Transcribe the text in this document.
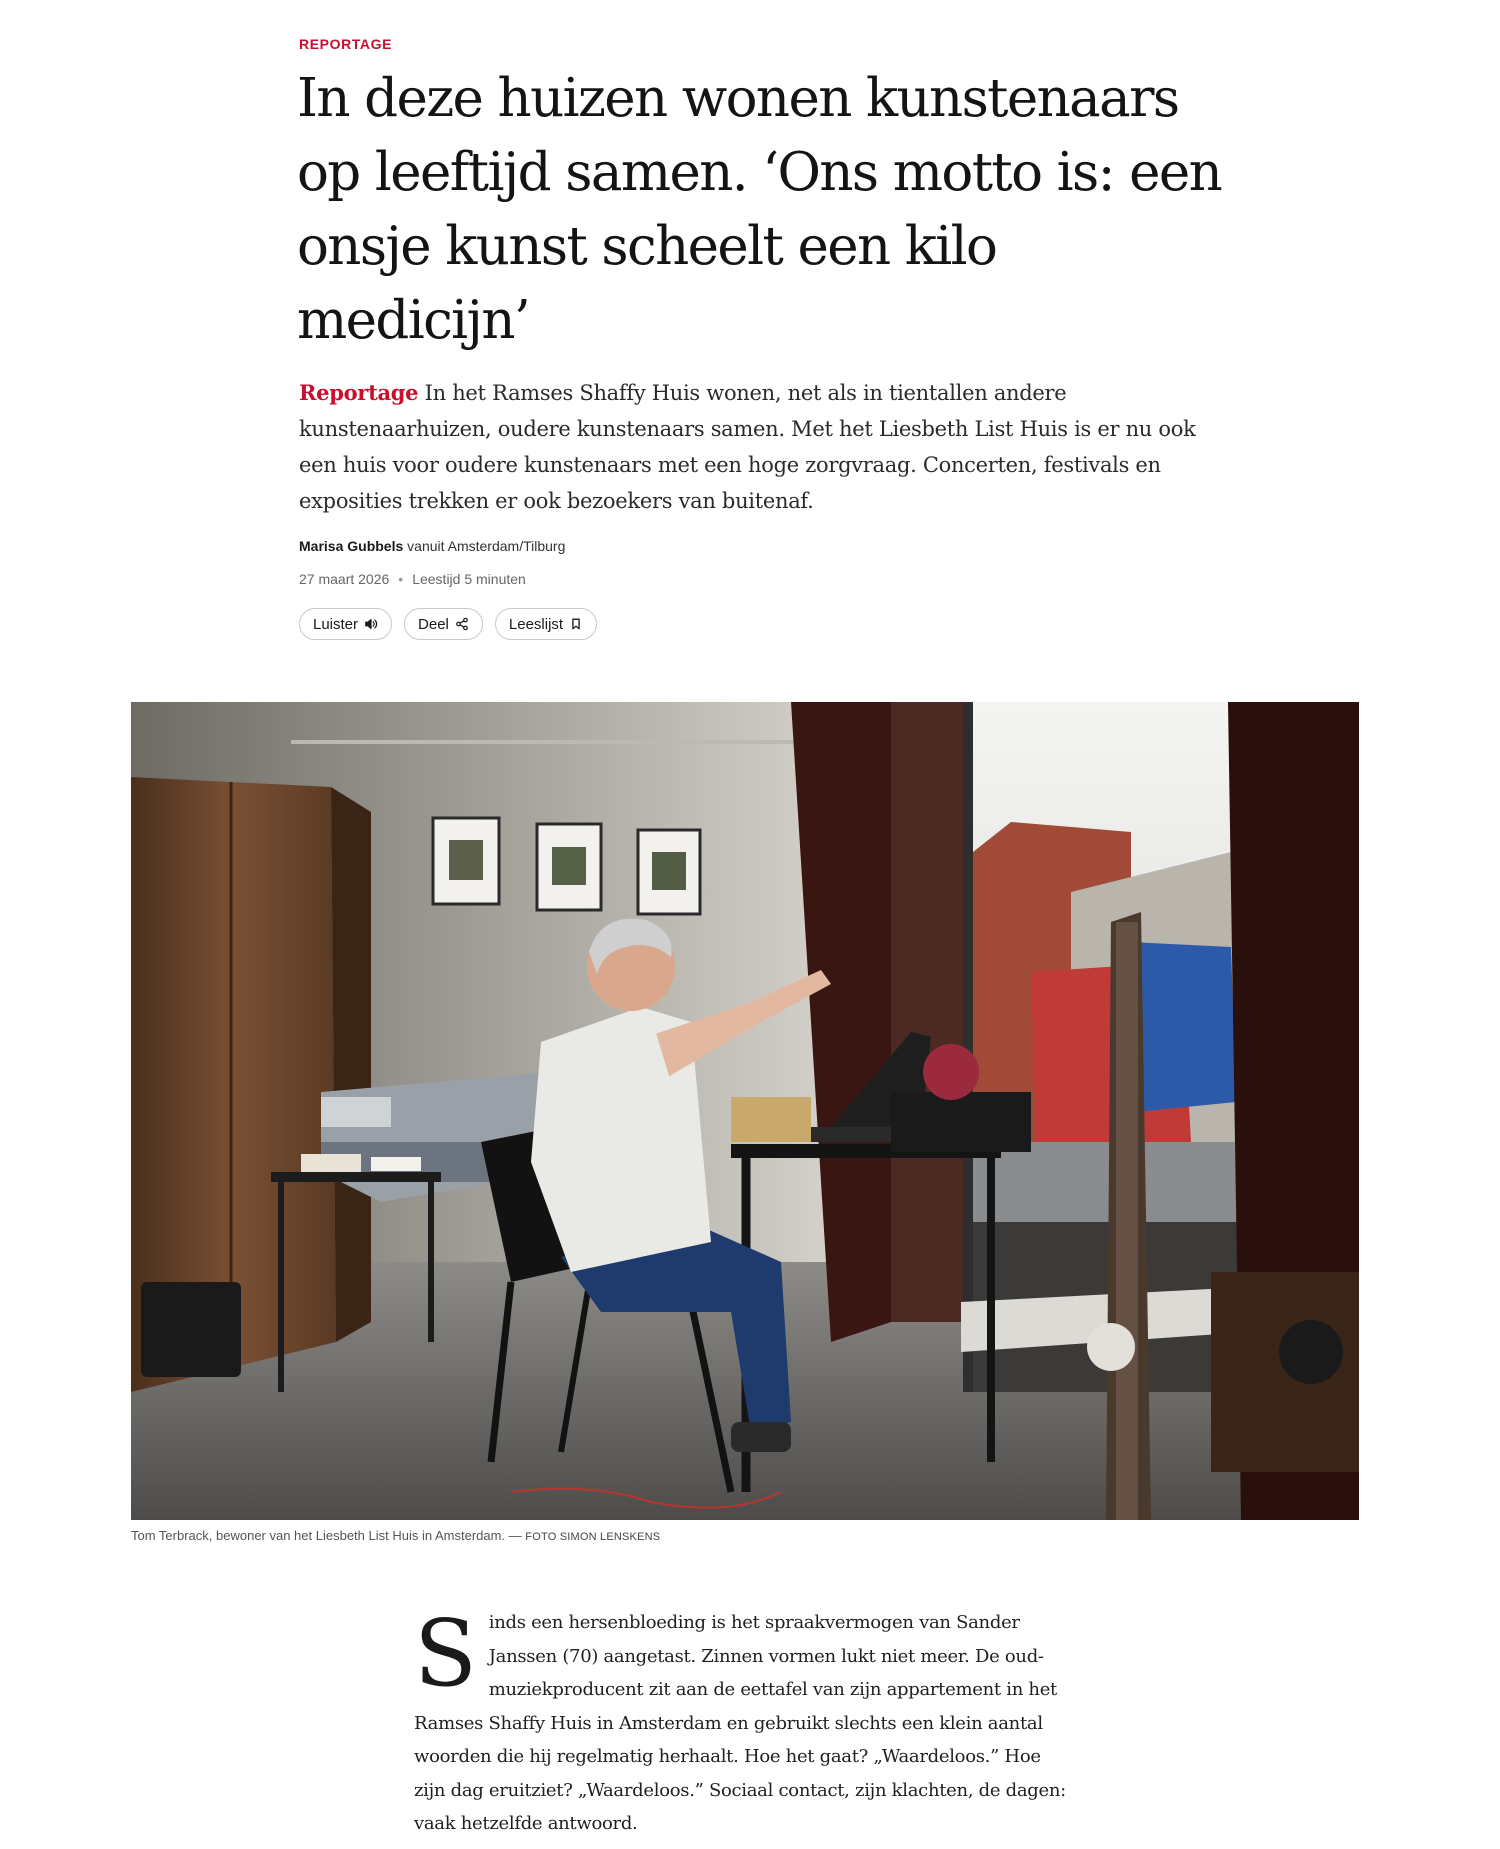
REPORTAGE

In deze huizen wonen kunstenaars op leeftijd samen. ‘Ons motto is: een onsje kunst scheelt een kilo medicijn’

Reportage In het Ramses Shaffy Huis wonen, net als in tientallen andere kunstenaarhuizen, oudere kunstenaars samen. Met het Liesbeth List Huis is er nu ook een huis voor oudere kunstenaars met een hoge zorgvraag. Concerten, festivals en exposities trekken er ook bezoekers van buitenaf.

Marisa Gubbels vanuit Amsterdam/Tilburg
27 maart 2026 • Leestijd 5 minuten
Luister	Deel	Leeslijst
Tom Terbrack, bewoner van het Liesbeth List Huis in Amsterdam. — FOTO SIMON LENSKENS

Sinds een hersenbloeding is het spraakvermogen van Sander Janssen (70) aangetast. Zinnen vormen lukt niet meer. De oud-muziekproducent zit aan de eettafel van zijn appartement in het Ramses Shaffy Huis in Amsterdam en gebruikt slechts een klein aantal woorden die hij regelmatig herhaalt. Hoe het gaat? „Waardeloos.” Hoe zijn dag eruitziet? „Waardeloos.” Sociaal contact, zijn klachten, de dagen: vaak hetzelfde antwoord.
